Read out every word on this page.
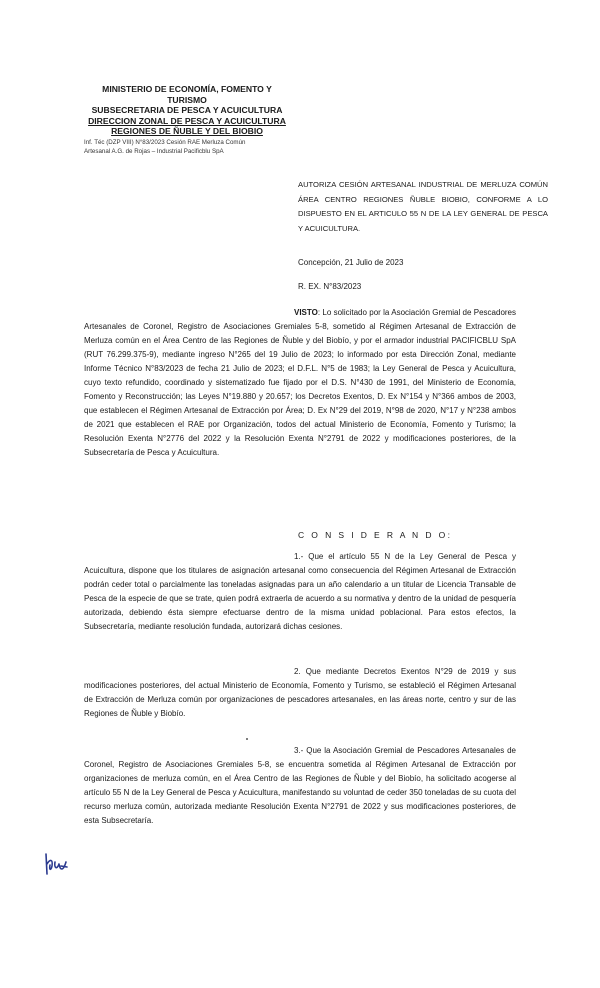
MINISTERIO DE ECONOMÍA, FOMENTO Y TURISMO
SUBSECRETARIA DE PESCA Y ACUICULTURA
DIRECCION ZONAL DE PESCA Y ACUICULTURA
REGIONES DE ÑUBLE Y DEL BIOBIO
Inf. Téc (DZP VIII) N°83/2023 Cesión RAE Merluza Común
Artesanal A.G. de Rojas – Industrial Pacificblu SpA
AUTORIZA CESIÓN ARTESANAL INDUSTRIAL DE MERLUZA COMÚN ÁREA CENTRO REGIONES ÑUBLE BIOBIO, CONFORME A LO DISPUESTO EN EL ARTICULO 55 N DE LA LEY GENERAL DE PESCA Y ACUICULTURA.
Concepción, 21 Julio de 2023
R. EX. N°83/2023
VISTO: Lo solicitado por la Asociación Gremial de Pescadores Artesanales de Coronel, Registro de Asociaciones Gremiales 5-8, sometido al Régimen Artesanal de Extracción de Merluza común en el Área Centro de las Regiones de Ñuble y del Biobío, y por el armador industrial PACIFICBLU SpA (RUT 76.299.375-9), mediante ingreso N°265 del 19 Julio de 2023; lo informado por esta Dirección Zonal, mediante Informe Técnico N°83/2023 de fecha 21 Julio de 2023; el D.F.L. N°5 de 1983; la Ley General de Pesca y Acuicultura, cuyo texto refundido, coordinado y sistematizado fue fijado por el D.S. N°430 de 1991, del Ministerio de Economía, Fomento y Reconstrucción; las Leyes N°19.880 y 20.657; los Decretos Exentos, D. Ex N°154 y N°366 ambos de 2003, que establecen el Régimen Artesanal de Extracción por Área; D. Ex N°29 del 2019, N°98 de 2020, N°17 y N°238 ambos de 2021 que establecen el RAE por Organización, todos del actual Ministerio de Economía, Fomento y Turismo; la Resolución Exenta N°2776 del 2022 y la Resolución Exenta N°2791 de 2022 y modificaciones posteriores, de la Subsecretaría de Pesca y Acuicultura.
C O N S I D E R A N D O:
1.- Que el artículo 55 N de la Ley General de Pesca y Acuicultura, dispone que los titulares de asignación artesanal como consecuencia del Régimen Artesanal de Extracción podrán ceder total o parcialmente las toneladas asignadas para un año calendario a un titular de Licencia Transable de Pesca de la especie de que se trate, quien podrá extraerla de acuerdo a su normativa y dentro de la unidad de pesquería autorizada, debiendo ésta siempre efectuarse dentro de la misma unidad poblacional. Para estos efectos, la Subsecretaría, mediante resolución fundada, autorizará dichas cesiones.
2. Que mediante Decretos Exentos N°29 de 2019 y sus modificaciones posteriores, del actual Ministerio de Economía, Fomento y Turismo, se estableció el Régimen Artesanal de Extracción de Merluza común por organizaciones de pescadores artesanales, en las áreas norte, centro y sur de las Regiones de Ñuble y Biobío.
3.- Que la Asociación Gremial de Pescadores Artesanales de Coronel, Registro de Asociaciones Gremiales 5-8, se encuentra sometida al Régimen Artesanal de Extracción por organizaciones de merluza común, en el Área Centro de las Regiones de Ñuble y del Biobío, ha solicitado acogerse al artículo 55 N de la Ley General de Pesca y Acuicultura, manifestando su voluntad de ceder 350 toneladas de su cuota del recurso merluza común, autorizada mediante Resolución Exenta N°2791 de 2022 y sus modificaciones posteriores, de esta Subsecretaría.
